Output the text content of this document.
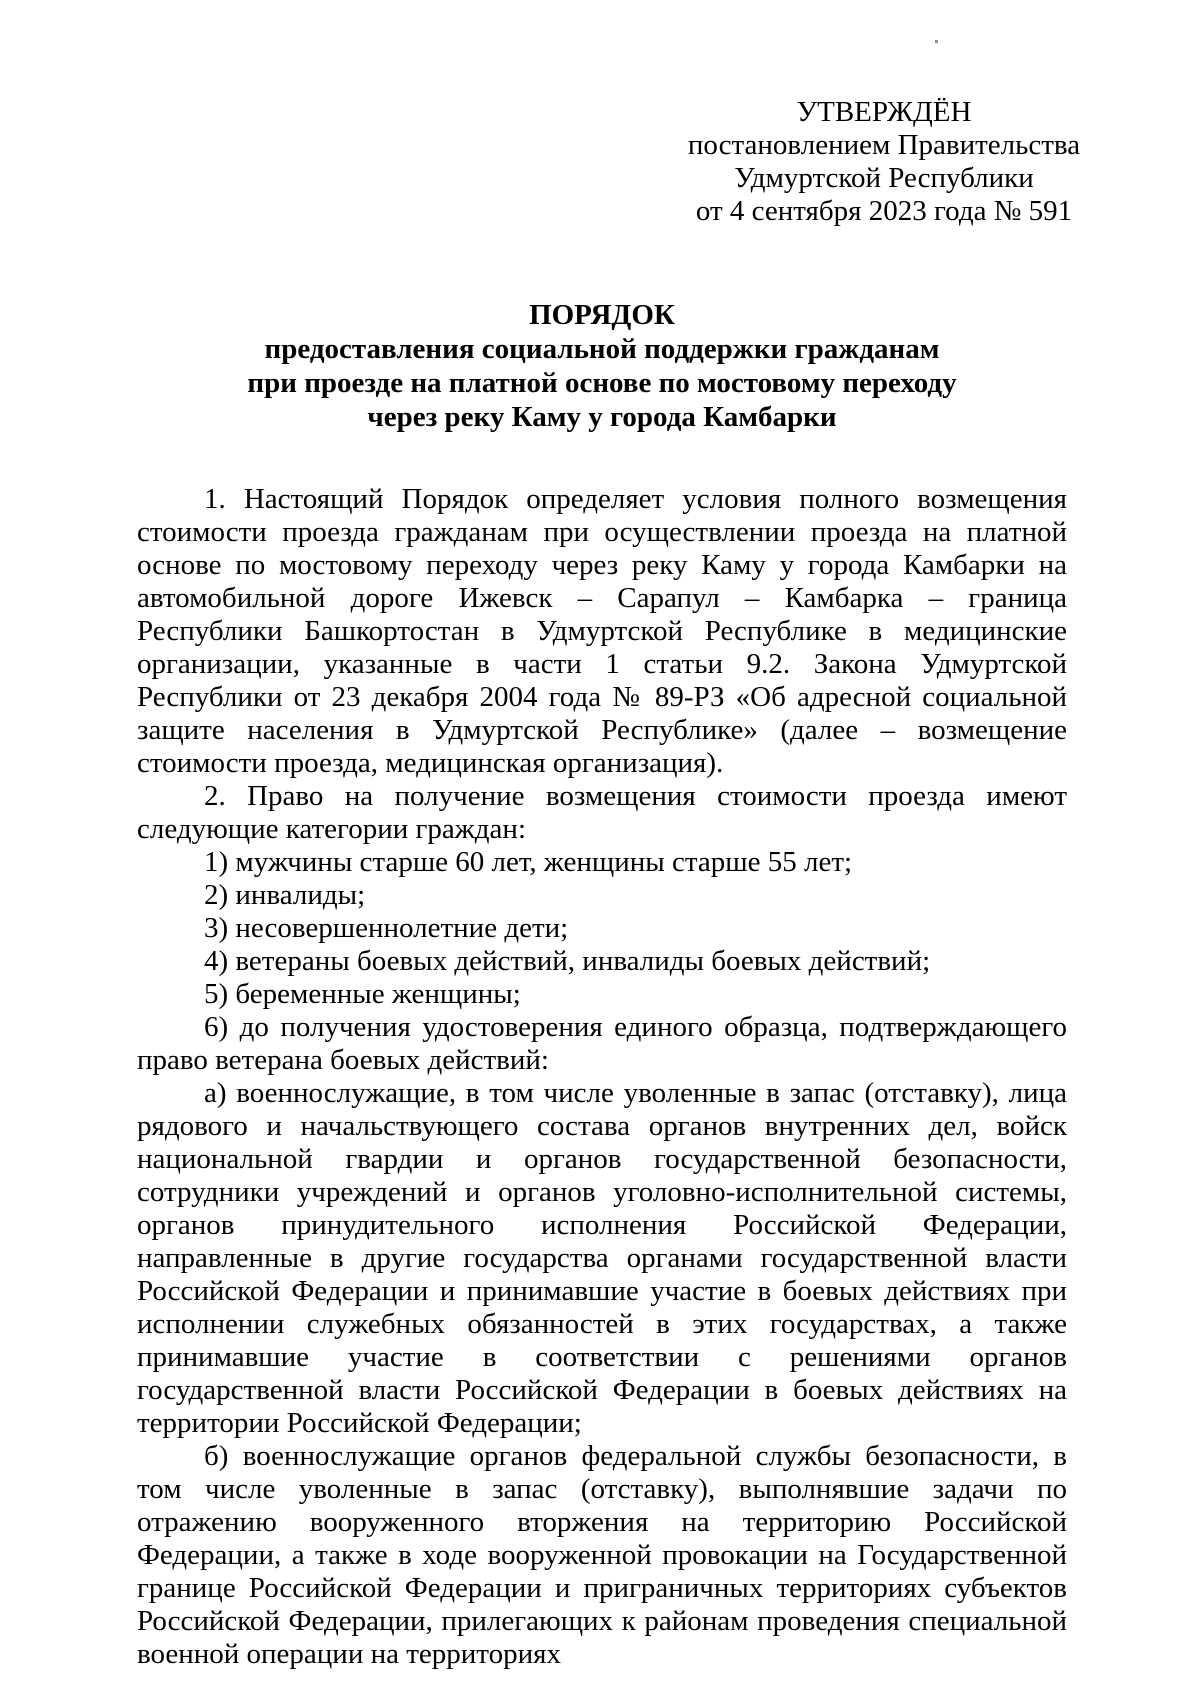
УТВЕРЖДЁН
постановлением Правительства
Удмуртской Республики
от 4 сентября 2023 года № 591
ПОРЯДОК
предоставления социальной поддержки гражданам
при проезде на платной основе по мостовому переходу
через реку Каму у города Камбарки

1. Настоящий Порядок определяет условия полного возмещения стоимости проезда гражданам при осуществлении проезда на платной основе по мостовому переходу через реку Каму у города Камбарки на автомобильной дороге Ижевск – Сарапул – Камбарка – граница Республики Башкортостан в Удмуртской Республике в медицинские организации, указанные в части 1 статьи 9.2. Закона Удмуртской Республики от 23 декабря 2004 года № 89-РЗ «Об адресной социальной защите населения в Удмуртской Республике» (далее – возмещение стоимости проезда, медицинская организация).

2. Право на получение возмещения стоимости проезда имеют следующие категории граждан:

1) мужчины старше 60 лет, женщины старше 55 лет;

2) инвалиды;

3) несовершеннолетние дети;

4) ветераны боевых действий, инвалиды боевых действий;

5) беременные женщины;

6) до получения удостоверения единого образца, подтверждающего право ветерана боевых действий:

а) военнослужащие, в том числе уволенные в запас (отставку), лица рядового и начальствующего состава органов внутренних дел, войск национальной гвардии и органов государственной безопасности, сотрудники учреждений и органов уголовно-исполнительной системы, органов принудительного исполнения Российской Федерации, направленные в другие государства органами государственной власти Российской Федерации и принимавшие участие в боевых действиях при исполнении служебных обязанностей в этих государствах, а также принимавшие участие в соответствии с решениями органов государственной власти Российской Федерации в боевых действиях на территории Российской Федерации;

б) военнослужащие органов федеральной службы безопасности, в том числе уволенные в запас (отставку), выполнявшие задачи по отражению вооруженного вторжения на территорию Российской Федерации, а также в ходе вооруженной провокации на Государственной границе Российской Федерации и приграничных территориях субъектов Российской Федерации, прилегающих к районам проведения специальной военной операции на территориях
